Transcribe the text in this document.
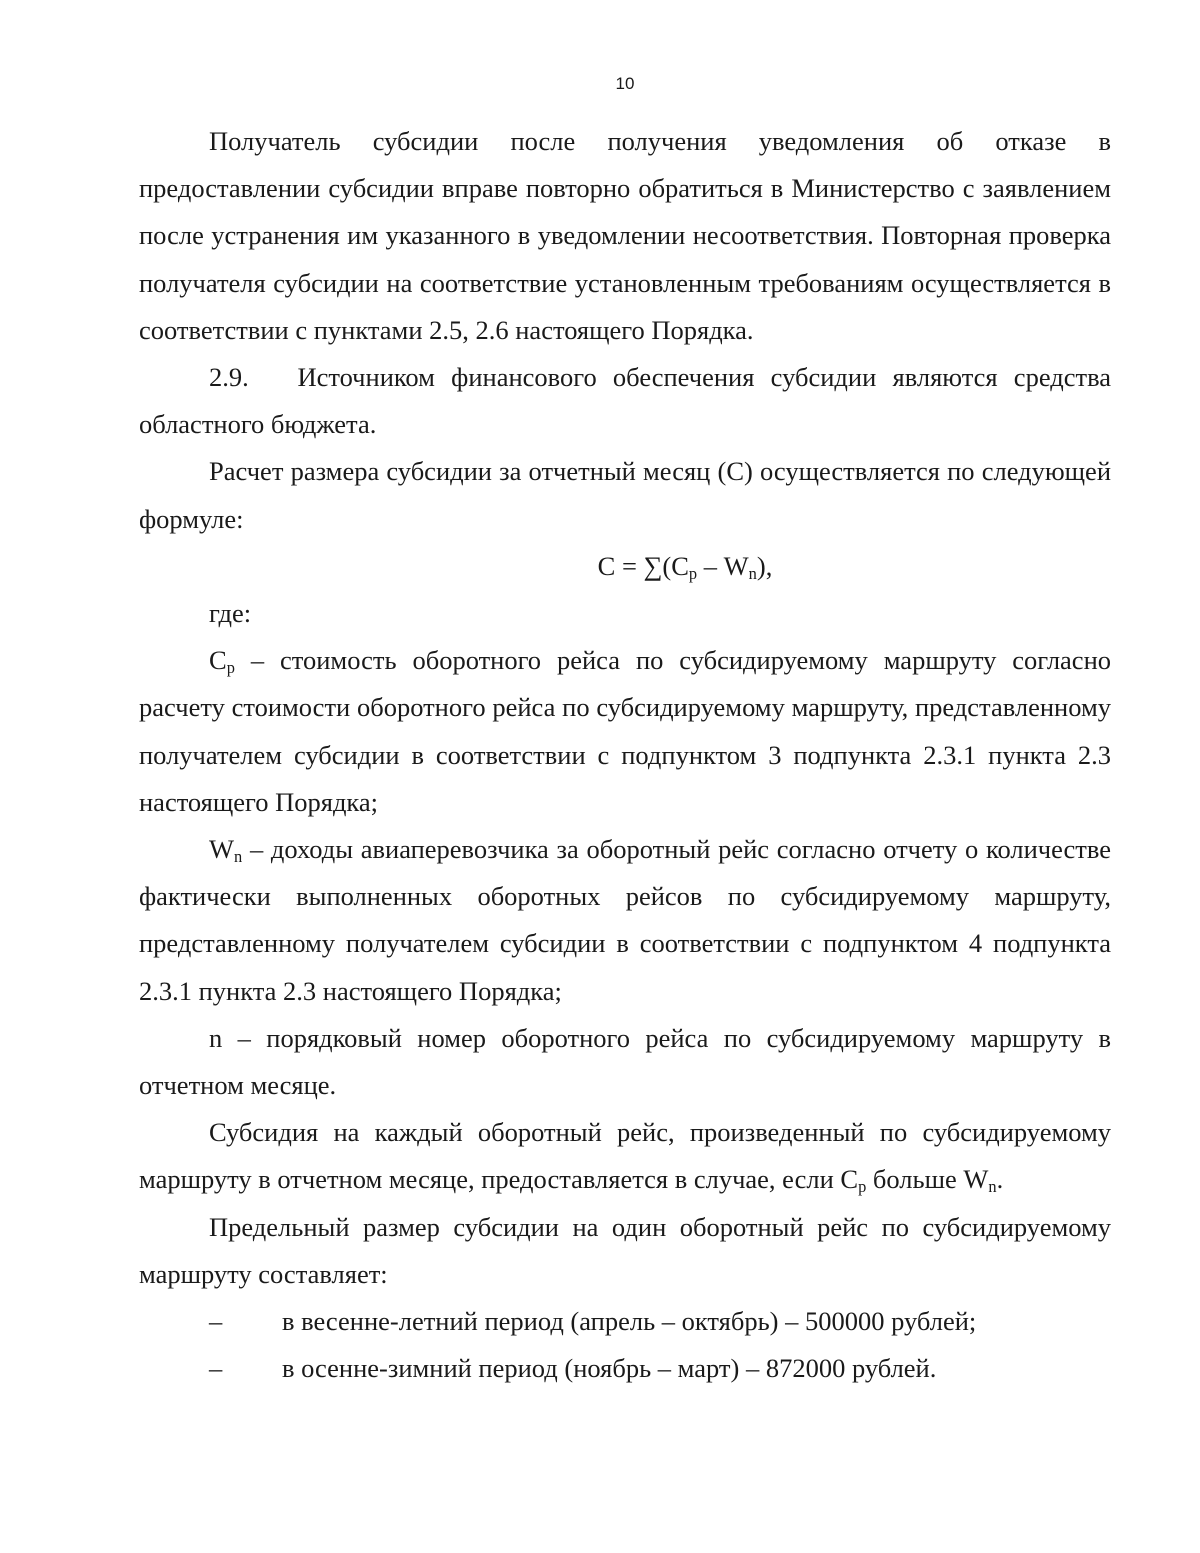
10

Получатель субсидии после получения уведомления об отказе в предоставлении субсидии вправе повторно обратиться в Министерство с заявлением после устранения им указанного в уведомлении несоответствия. Повторная проверка получателя субсидии на соответствие установленным требованиям осуществляется в соответствии с пунктами 2.5, 2.6 настоящего Порядка.

2.9. Источником финансового обеспечения субсидии являются средства областного бюджета.

Расчет размера субсидии за отчетный месяц (С) осуществляется по следующей формуле:

$С = \sum(С_р - W_n)$,

где:

$С_р$ – стоимость оборотного рейса по субсидируемому маршруту согласно расчету стоимости оборотного рейса по субсидируемому маршруту, представленному получателем субсидии в соответствии с подпунктом 3 подпункта 2.3.1 пункта 2.3 настоящего Порядка;

$W_n$ – доходы авиаперевозчика за оборотный рейс согласно отчету о количестве фактически выполненных оборотных рейсов по субсидируемому маршруту, представленному получателем субсидии в соответствии с подпунктом 4 подпункта 2.3.1 пункта 2.3 настоящего Порядка;

n – порядковый номер оборотного рейса по субсидируемому маршруту в отчетном месяце.

Субсидия на каждый оборотный рейс, произведенный по субсидируемому маршруту в отчетном месяце, предоставляется в случае, если $С_р$ больше $W_n$.

Предельный размер субсидии на один оборотный рейс по субсидируемому маршруту составляет:

–	в весенне-летний период (апрель – октябрь) – 500000 рублей;
–	в осенне-зимний период (ноябрь – март) – 872000 рублей.
